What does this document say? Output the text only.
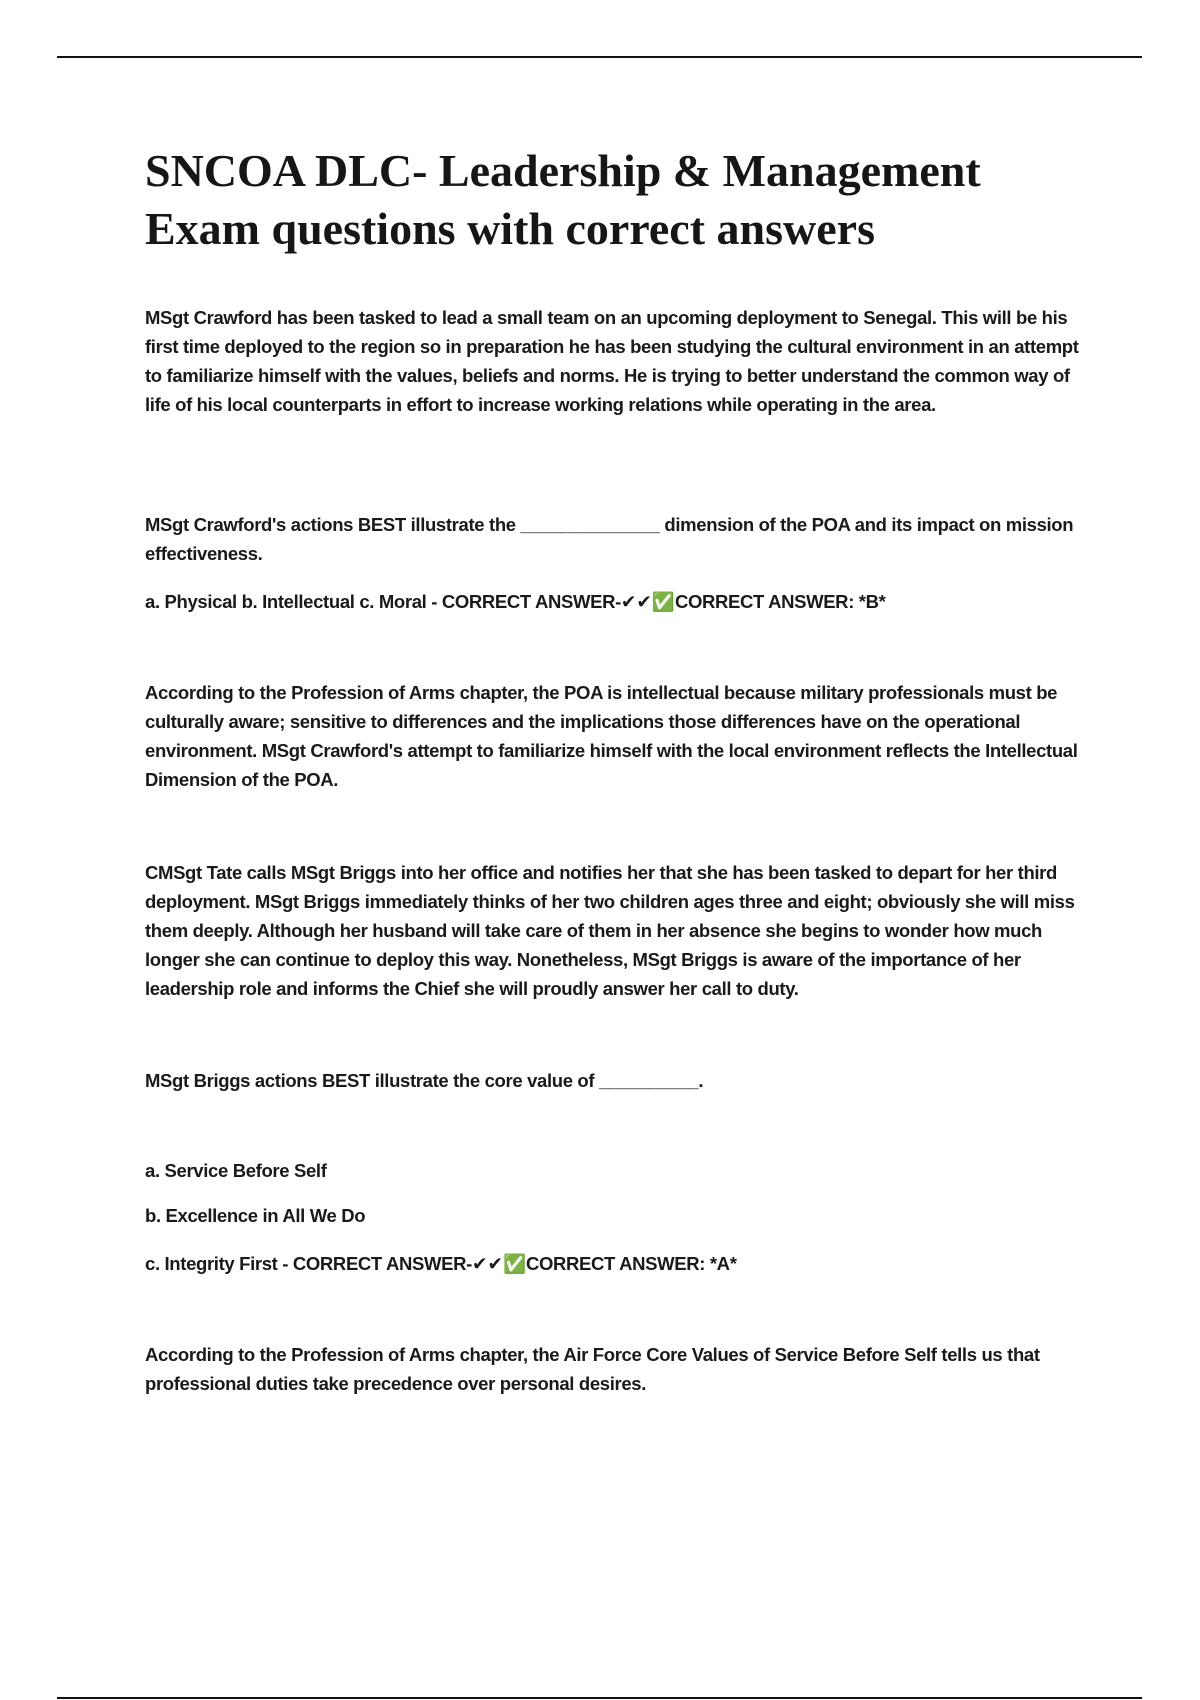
SNCOA DLC- Leadership & Management
Exam questions with correct answers

MSgt Crawford has been tasked to lead a small team on an upcoming deployment to Senegal. This will be his first time deployed to the region so in preparation he has been studying the cultural environment in an attempt to familiarize himself with the values, beliefs and norms. He is trying to better understand the common way of life of his local counterparts in effort to increase working relations while operating in the area.

MSgt Crawford's actions BEST illustrate the ______________ dimension of the POA and its impact on mission effectiveness.

a. Physical b. Intellectual c. Moral - CORRECT ANSWER-✔✔✅CORRECT ANSWER: *B*

According to the Profession of Arms chapter, the POA is intellectual because military professionals must be culturally aware; sensitive to differences and the implications those differences have on the operational environment. MSgt Crawford's attempt to familiarize himself with the local environment reflects the Intellectual Dimension of the POA.

CMSgt Tate calls MSgt Briggs into her office and notifies her that she has been tasked to depart for her third deployment. MSgt Briggs immediately thinks of her two children ages three and eight; obviously she will miss them deeply. Although her husband will take care of them in her absence she begins to wonder how much longer she can continue to deploy this way. Nonetheless, MSgt Briggs is aware of the importance of her leadership role and informs the Chief she will proudly answer her call to duty.

MSgt Briggs actions BEST illustrate the core value of __________.

a. Service Before Self

b. Excellence in All We Do

c. Integrity First - CORRECT ANSWER-✔✔✅CORRECT ANSWER: *A*

According to the Profession of Arms chapter, the Air Force Core Values of Service Before Self tells us that professional duties take precedence over personal desires.
